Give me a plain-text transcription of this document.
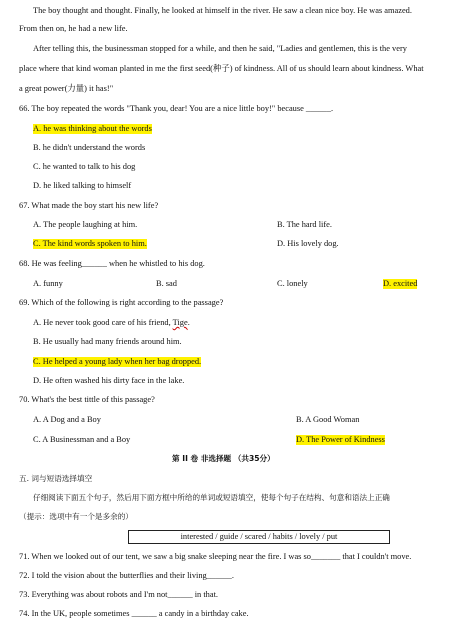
The boy thought and thought. Finally, he looked at himself in the river. He saw a clean nice boy. He was amazed.
From then on, he had a new life.
After telling this, the businessman stopped for a while, and then he said, "Ladies and gentlemen, this is the very
place where that kind woman planted in me the first seed(种子) of kindness. All of us should learn about kindness. What
a great power(力量) it has!"
66. The boy repeated the words "Thank you, dear! You are a nice little boy!" because ______.
A. he was thinking about the words
B. he didn't understand the words
C. he wanted to talk to his dog
D. he liked talking to himself
67. What made the boy start his new life?
A. The people laughing at him.	B. The hard life.
C. The kind words spoken to him.	D. His lovely dog.
68. He was feeling______ when he whistled to his dog.
A. funny	B. sad	C. lonely	D. excited
69. Which of the following is right according to the passage?
A. He never took good care of his friend, Tige.
B. He usually had many friends around him.
C. He helped a young lady when her bag dropped.
D. He often washed his dirty face in the lake.
70. What's the best tittle of this passage?
A. A Dog and a Boy	B. A Good Woman
C. A Businessman and a Boy	D. The Power of Kindness
第 II 卷 非选择题 （共35分）
五. 词与短语选择填空
仔细阅读下面五个句子，然后用下面方框中所给的单词或短语填空，使每个句子在结构、句意和语法上正确
（提示：选项中有一个是多余的）
interested / guide / scared / habits / lovely / put
71. When we looked out of our tent, we saw a big snake sleeping near the fire. I was so_______ that I couldn't move.
72. I told the vision about the butterflies and their living______.
73. Everything was about robots and I'm not______ in that.
74. In the UK, people sometimes ______ a candy in a birthday cake.
